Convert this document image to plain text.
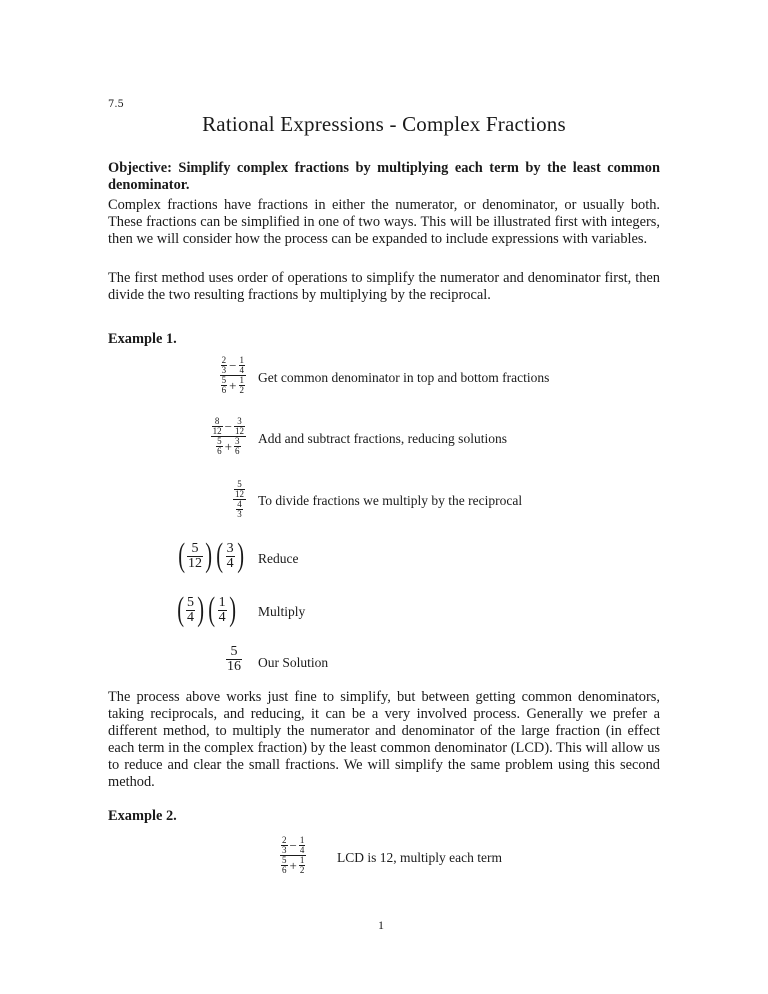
7.5
Rational Expressions - Complex Fractions
Objective: Simplify complex fractions by multiplying each term by the least common denominator.
Complex fractions have fractions in either the numerator, or denominator, or usually both. These fractions can be simplified in one of two ways. This will be illustrated first with integers, then we will consider how the process can be expanded to include expressions with variables.
The first method uses order of operations to simplify the numerator and denominator first, then divide the two resulting fractions by multiplying by the reciprocal.
Example 1.
$\frac{\frac{2}{3} - \frac{1}{4}}{\frac{5}{6} + \frac{1}{2}}$ Get common denominator in top and bottom fractions
$\frac{\frac{8}{12} - \frac{3}{12}}{\frac{5}{6} + \frac{3}{6}}$ Add and subtract fractions, reducing solutions
$\frac{\frac{5}{12}}{\frac{4}{3}}$ To divide fractions we multiply by the reciprocal
( $\frac{5}{12}$ ) ( $\frac{3}{4}$ ) Reduce
( $\frac{5}{4}$ ) ( $\frac{1}{4}$ ) Multiply
$\frac{5}{16}$ Our Solution
The process above works just fine to simplify, but between getting common denominators, taking reciprocals, and reducing, it can be a very involved process. Generally we prefer a different method, to multiply the numerator and denominator of the large fraction (in effect each term in the complex fraction) by the least common denominator (LCD). This will allow us to reduce and clear the small fractions. We will simplify the same problem using this second method.
Example 2.
$\frac{\frac{2}{3} - \frac{1}{4}}{\frac{5}{6} + \frac{1}{2}}$ LCD is 12, multiply each term
1
